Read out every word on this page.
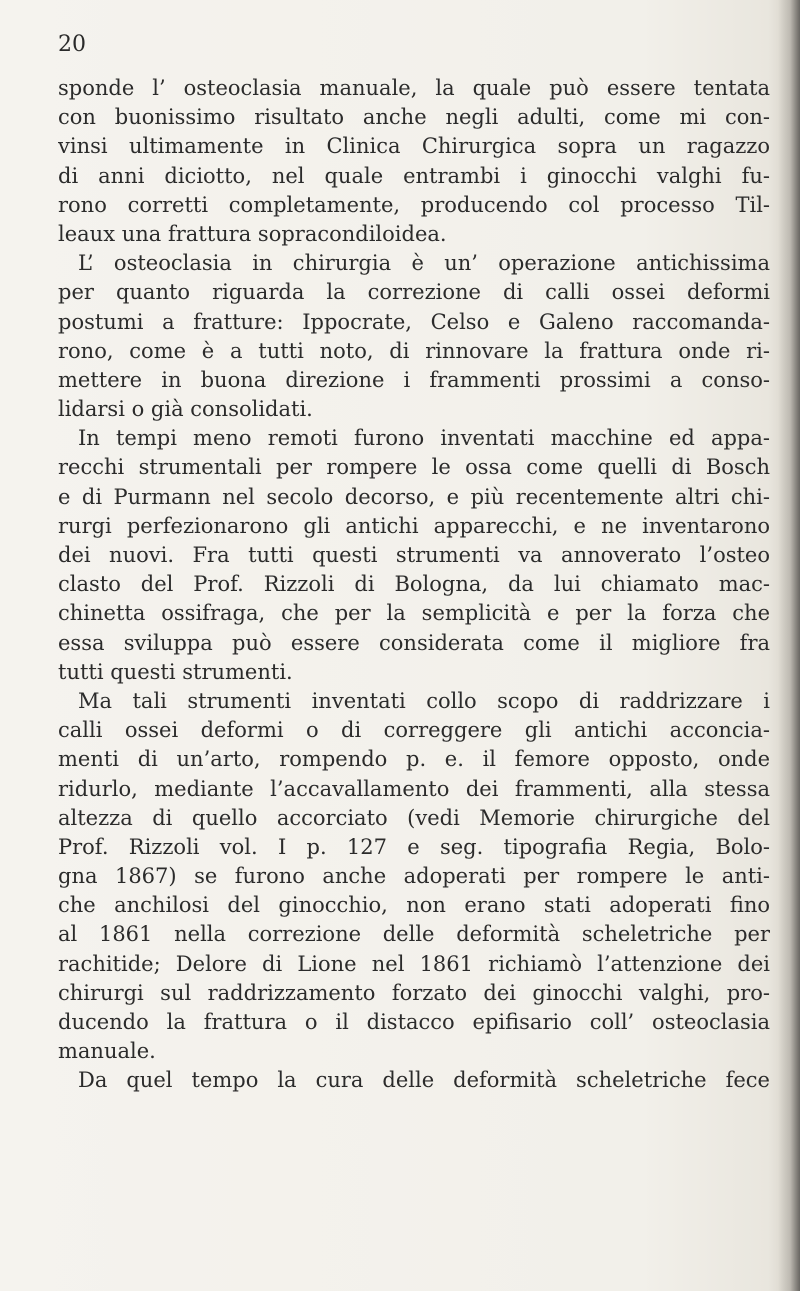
20
sponde l’ osteoclasia manuale, la quale può essere tentata
con buonissimo risultato anche negli adulti, come mi con-
vinsi ultimamente in Clinica Chirurgica sopra un ragazzo
di anni diciotto, nel quale entrambi i ginocchi valghi fu-
rono corretti completamente, producendo col processo Til-
leaux una frattura sopracondiloidea.
L’ osteoclasia in chirurgia è un’ operazione antichissima
per quanto riguarda la correzione di calli ossei deformi
postumi a fratture: Ippocrate, Celso e Galeno raccomanda-
rono, come è a tutti noto, di rinnovare la frattura onde ri-
mettere in buona direzione i frammenti prossimi a conso-
lidarsi o già consolidati.
In tempi meno remoti furono inventati macchine ed appa-
recchi strumentali per rompere le ossa come quelli di Bosch
e di Purmann nel secolo decorso, e più recentemente altri chi-
rurgi perfezionarono gli antichi apparecchi, e ne inventarono
dei nuovi. Fra tutti questi strumenti va annoverato l’osteo
clasto del Prof. Rizzoli di Bologna, da lui chiamato mac-
chinetta ossifraga, che per la semplicità e per la forza che
essa sviluppa può essere considerata come il migliore fra
tutti questi strumenti.
Ma tali strumenti inventati collo scopo di raddrizzare i
calli ossei deformi o di correggere gli antichi acconcia-
menti di un’arto, rompendo p. e. il femore opposto, onde
ridurlo, mediante l’accavallamento dei frammenti, alla stessa
altezza di quello accorciato (vedi Memorie chirurgiche del
Prof. Rizzoli vol. I p. 127 e seg. tipografia Regia, Bolo-
gna 1867) se furono anche adoperati per rompere le anti-
che anchilosi del ginocchio, non erano stati adoperati fino
al 1861 nella correzione delle deformità scheletriche per
rachitide; Delore di Lione nel 1861 richiamò l’attenzione dei
chirurgi sul raddrizzamento forzato dei ginocchi valghi, pro-
ducendo la frattura o il distacco epifisario coll’ osteoclasia
manuale.
Da quel tempo la cura delle deformità scheletriche fece
